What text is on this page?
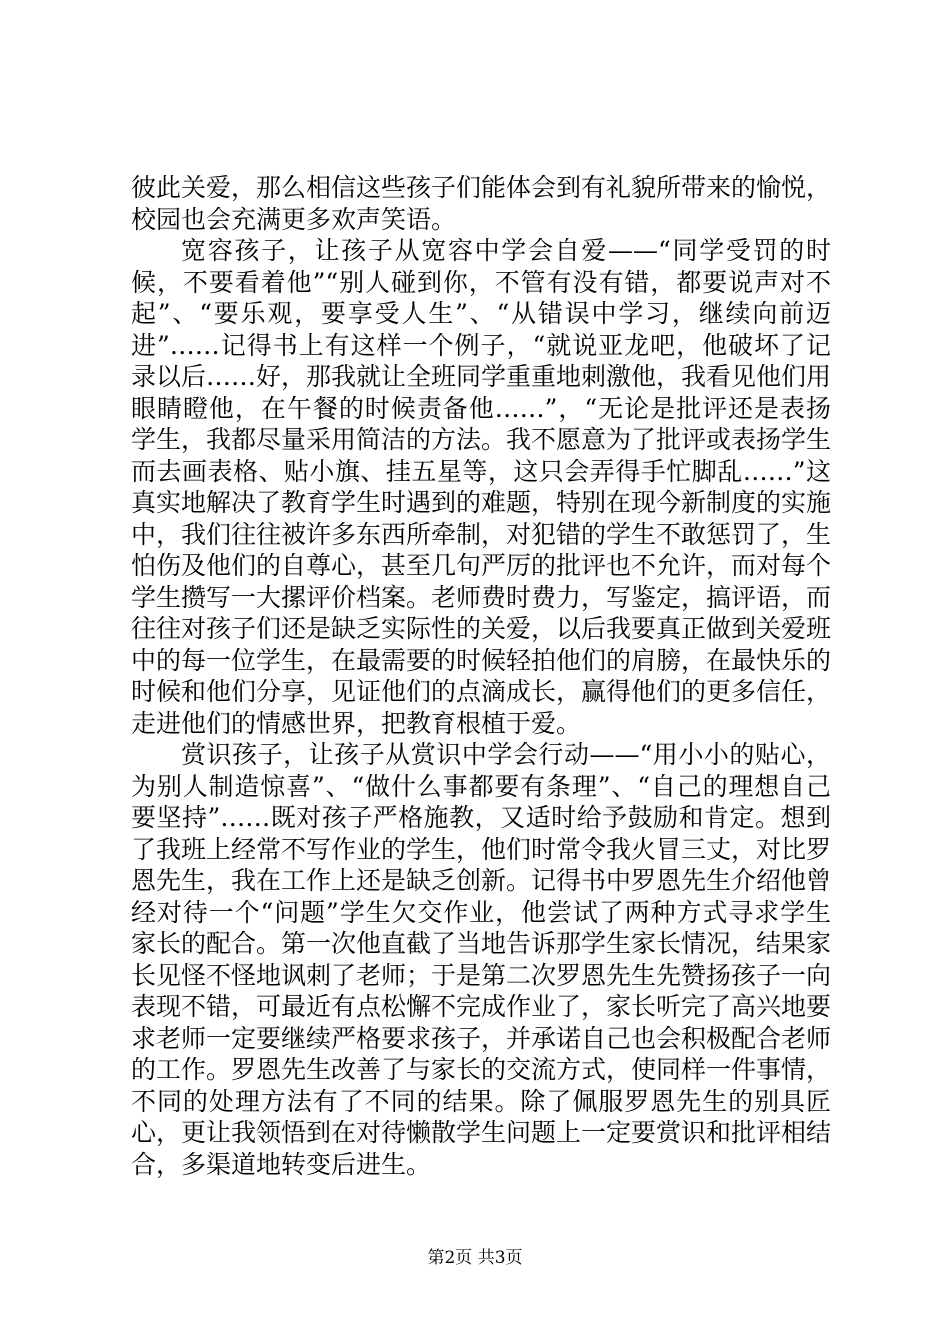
彼此关爱，那么相信这些孩子们能体会到有礼貌所带来的愉悦，校园也会充满更多欢声笑语。

宽容孩子，让孩子从宽容中学会自爱——“同学受罚的时候，不要看着他”“别人碰到你，不管有没有错，都要说声对不起”、“要乐观，要享受人生”、“从错误中学习，继续向前迈进”……记得书上有这样一个例子，“就说亚龙吧，他破坏了记录以后……好，那我就让全班同学重重地刺激他，我看见他们用眼睛瞪他，在午餐的时候责备他……”，“无论是批评还是表扬学生，我都尽量采用简洁的方法。我不愿意为了批评或表扬学生而去画表格、贴小旗、挂五星等，这只会弄得手忙脚乱……”这真实地解决了教育学生时遇到的难题，特别在现今新制度的实施中，我们往往被许多东西所牵制，对犯错的学生不敢惩罚了，生怕伤及他们的自尊心，甚至几句严厉的批评也不允许，而对每个学生攒写一大摞评价档案。老师费时费力，写鉴定，搞评语，而往往对孩子们还是缺乏实际性的关爱，以后我要真正做到关爱班中的每一位学生，在最需要的时候轻拍他们的肩膀，在最快乐的时候和他们分享，见证他们的点滴成长，赢得他们的更多信任，走进他们的情感世界，把教育根植于爱。

赏识孩子，让孩子从赏识中学会行动——“用小小的贴心，为别人制造惊喜”、“做什么事都要有条理”、“自己的理想自己要坚持”……既对孩子严格施教，又适时给予鼓励和肯定。想到了我班上经常不写作业的学生，他们时常令我火冒三丈，对比罗恩先生，我在工作上还是缺乏创新。记得书中罗恩先生介绍他曾经对待一个“问题”学生欠交作业，他尝试了两种方式寻求学生家长的配合。第一次他直截了当地告诉那学生家长情况，结果家长见怪不怪地讽刺了老师；于是第二次罗恩先生先赞扬孩子一向表现不错，可最近有点松懈不完成作业了，家长听完了高兴地要求老师一定要继续严格要求孩子，并承诺自己也会积极配合老师的工作。罗恩先生改善了与家长的交流方式，使同样一件事情，不同的处理方法有了不同的结果。除了佩服罗恩先生的别具匠心，更让我领悟到在对待懒散学生问题上一定要赏识和批评相结合，多渠道地转变后进生。

第2页 共3页
